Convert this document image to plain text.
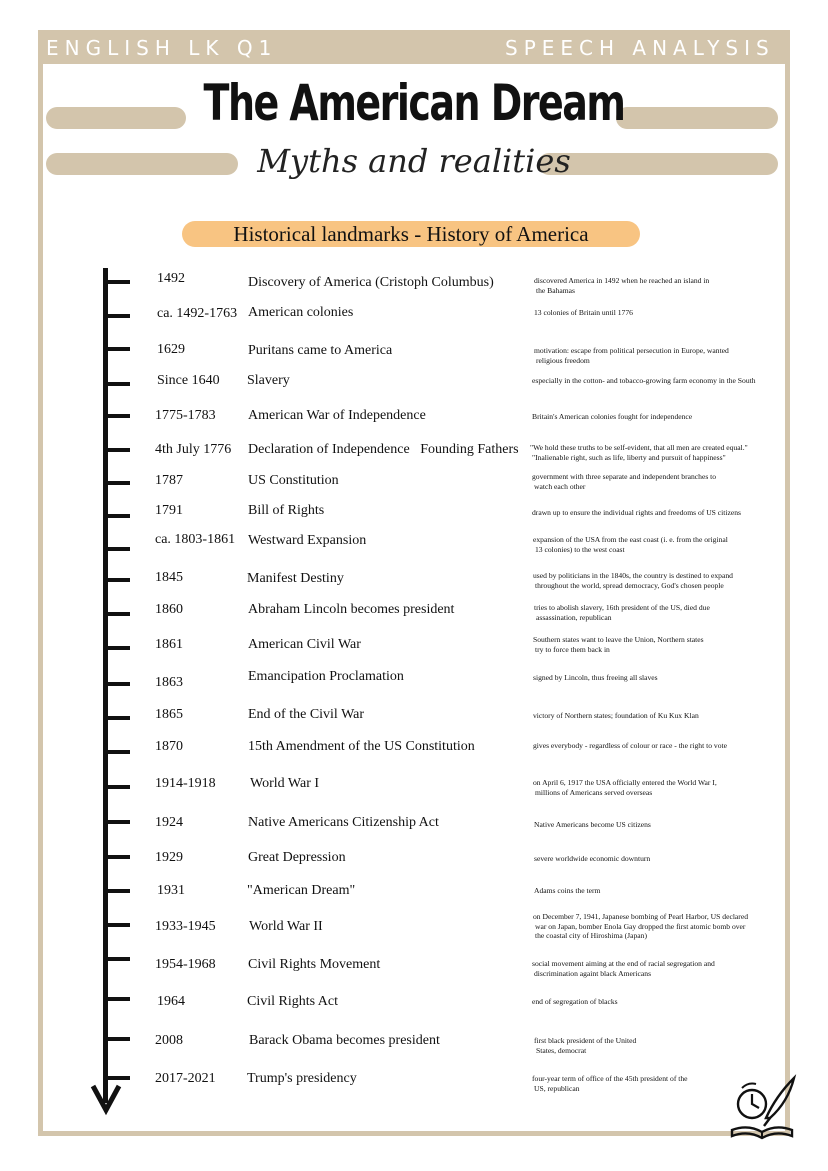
ENGLISH LK Q1	SPEECH ANALYSIS
The American Dream
Myths and realities
Historical landmarks - History of America
1492	Discovery of America (Cristoph Columbus)	discovered America in 1492 when he reached an island in
the Bahamas
ca. 1492-1763 American colonies	13 colonies of Britain until 1776
1629	Puritans came to America	motivation: escape from political persecution in Europe, wanted
religious freedom
Since 1640 Slavery	especially in the cotton- and tobacco-growing farm economy in the South
1775-1783 American War of Independence	Britain's American colonies fought for independence
4th July 1776 Declaration of Independence   Founding Fathers "We hold these truths to be self-evident, that all men are created equal."
"Inalienable right, such as life, liberty and pursuit of happiness"
1787	US Constitution	government with three separate and independent branches to
watch each other
1791	Bill of Rights	drawn up to ensure the individual rights and freedoms of US citizens
ca. 1803-1861 Westward Expansion	expansion of the USA from the east coast (i. e. from the original
13 colonies) to the west coast
1845	Manifest Destiny	used by politicians in the 1840s, the country is destined to expand
throughout the world, spread democracy, God's chosen people
1860	Abraham Lincoln becomes president	tries to abolish slavery, 16th president of the US, died due
assassination, republican
1861	American Civil War	Southern states want to leave the Union, Northern states
try to force them back in
1863	Emancipation Proclamation	signed by Lincoln, thus freeing all slaves
1865	End of the Civil War	victory of Northern states; foundation of Ku Kux Klan
1870	15th Amendment of the US Constitution	gives everybody - regardless of colour or race - the right to vote
1914-1918 World War I	on April 6, 1917 the USA officially entered the World War I,
millions of Americans served overseas
1924	Native Americans Citizenship Act	Native Americans become US citizens
1929	Great Depression	severe worldwide economic downturn
1931	"American Dream"	Adams coins the term
1933-1945 World War II
on December 7, 1941, Japanese bombing of Pearl Harbor, US declared
war on Japan, bomber Enola Gay dropped the first atomic bomb over
the coastal city of Hiroshima (Japan)
1954-1968 Civil Rights Movement	social movement aiming at the end of racial segregation and
discrimination againt black Americans
1964	Civil Rights Act	end of segregation of blacks
2008	Barack Obama becomes president	first black president of the United
States, democrat
2017-2021 Trump's presidency	four-year term of office of the 45th president of the
US, republican
